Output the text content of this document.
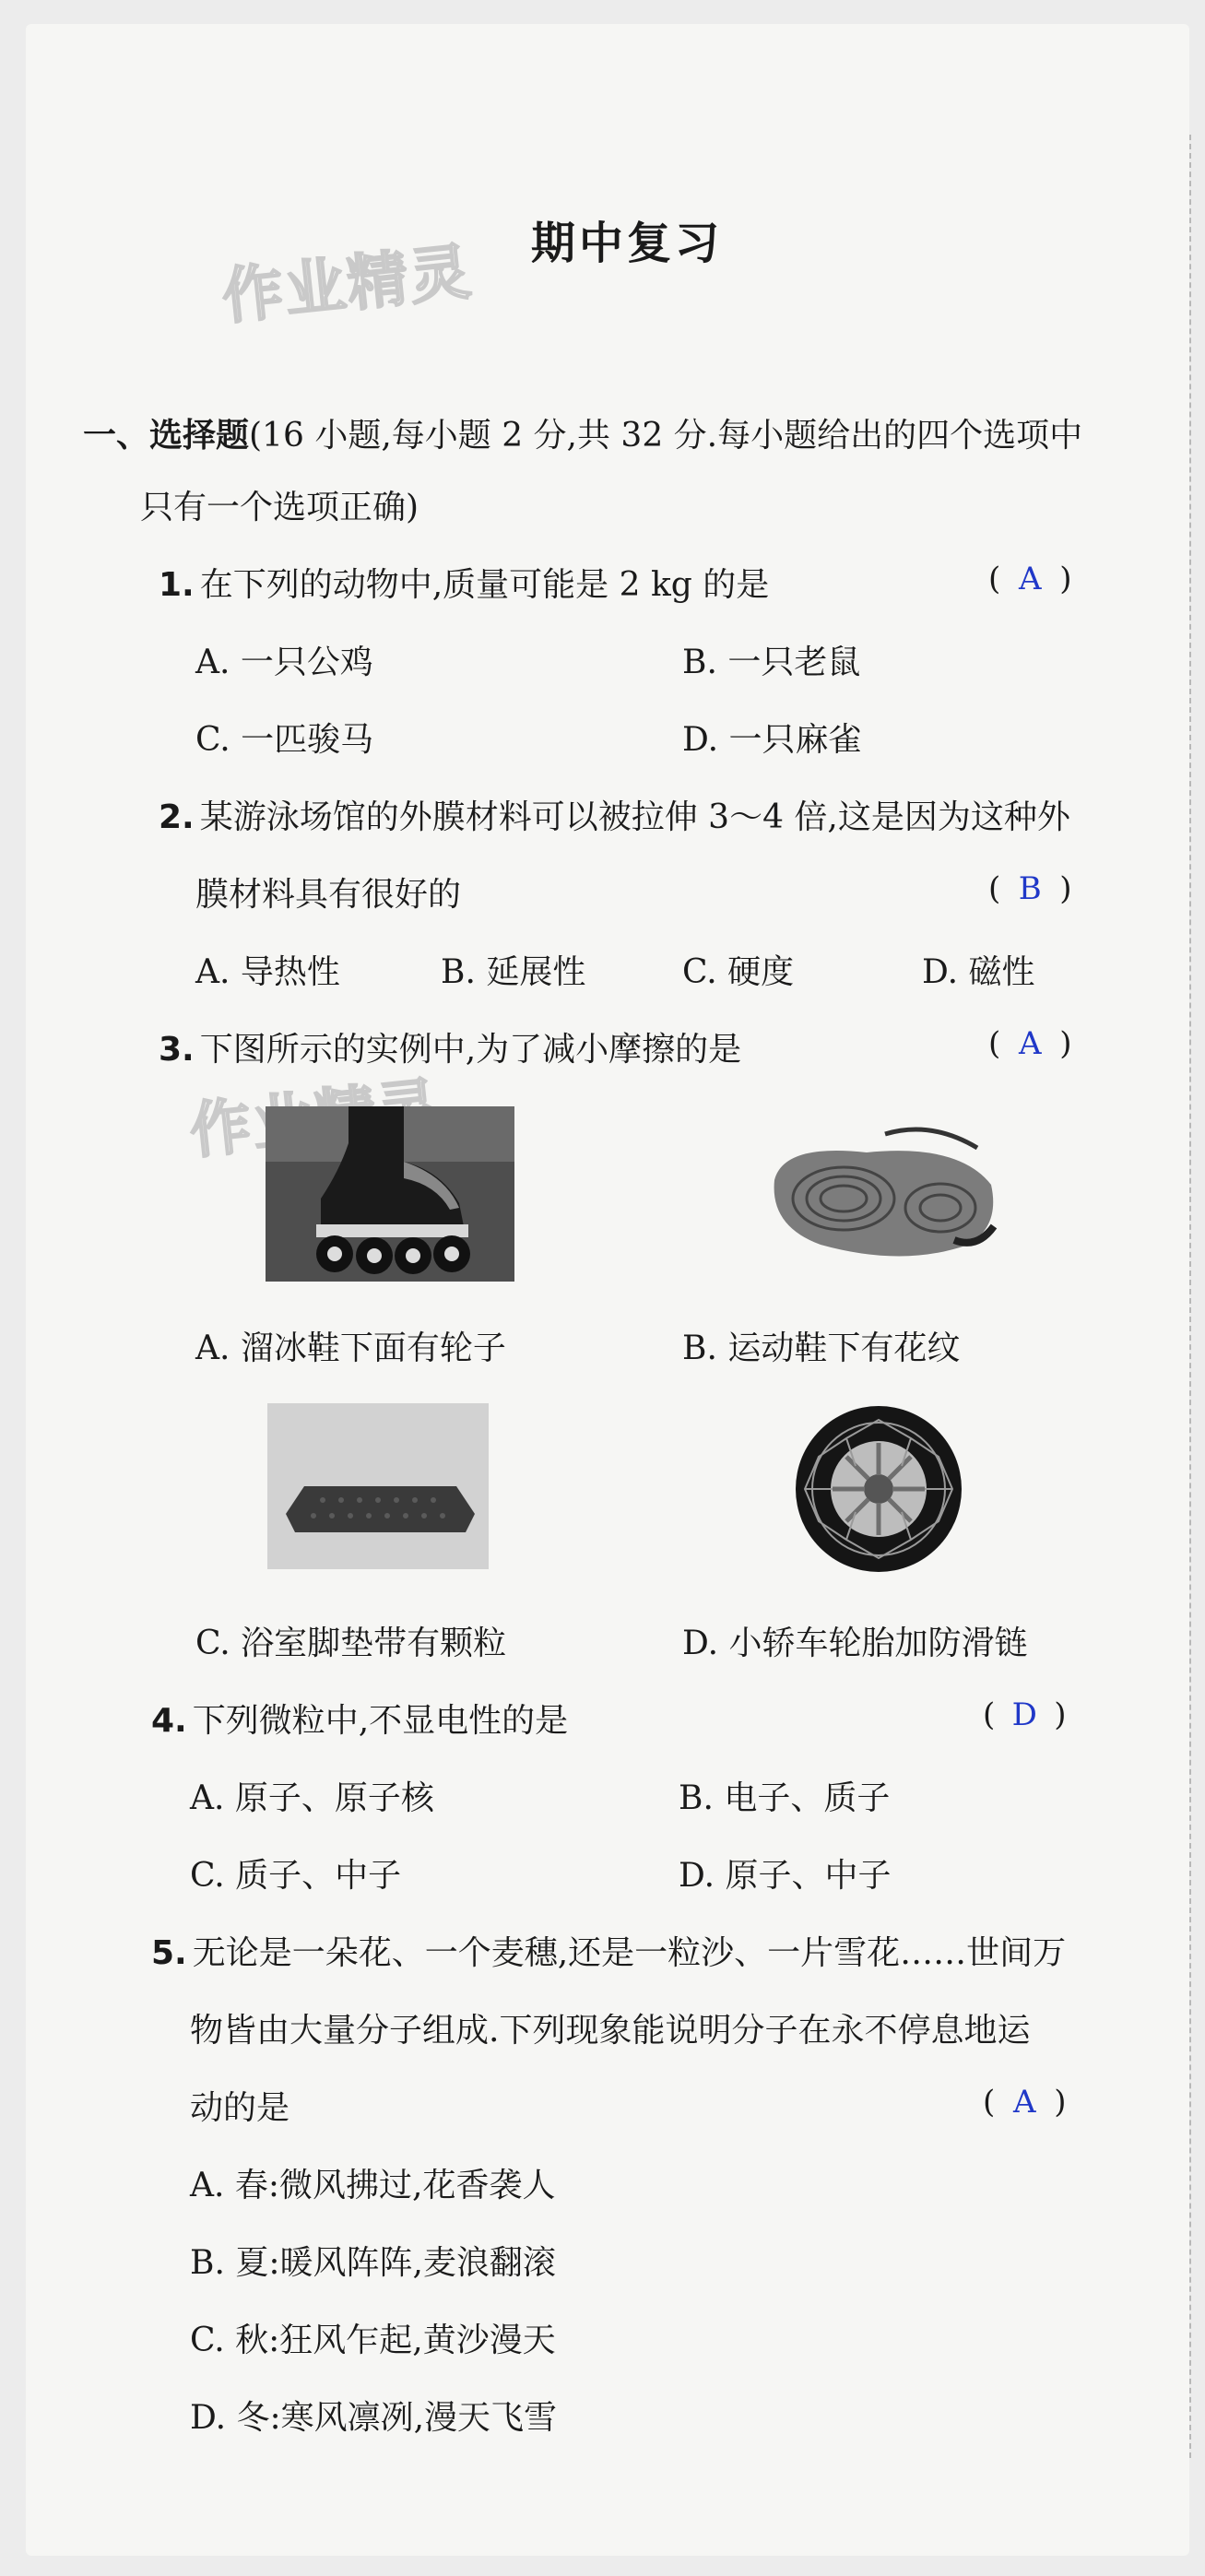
作业精灵	期中复习
一、选择题(16 小题,每小题 2 分,共 32 分.每小题给出的四个选项中
只有一个选项正确)
1. 在下列的动物中,质量可能是 2 kg 的是	( A )
A. 一只公鸡	B. 一只老鼠
C. 一匹骏马	D. 一只麻雀
2. 某游泳场馆的外膜材料可以被拉伸 3～4 倍,这是因为这种外
膜材料具有很好的	( B )
A. 导热性	B. 延展性	C. 硬度	D. 磁性
3. 下图所示的实例中,为了减小摩擦的是	( A )
A. 溜冰鞋下面有轮子	B. 运动鞋下有花纹
C. 浴室脚垫带有颗粒	D. 小轿车轮胎加防滑链
4. 下列微粒中,不显电性的是	( D )
A. 原子、原子核	B. 电子、质子
C. 质子、中子	D. 原子、中子
5. 无论是一朵花、一个麦穗,还是一粒沙、一片雪花……世间万
物皆由大量分子组成.下列现象能说明分子在永不停息地运
动的是	( A )
A. 春:微风拂过,花香袭人
B. 夏:暖风阵阵,麦浪翻滚
C. 秋:狂风乍起,黄沙漫天
D. 冬:寒风凛冽,漫天飞雪
